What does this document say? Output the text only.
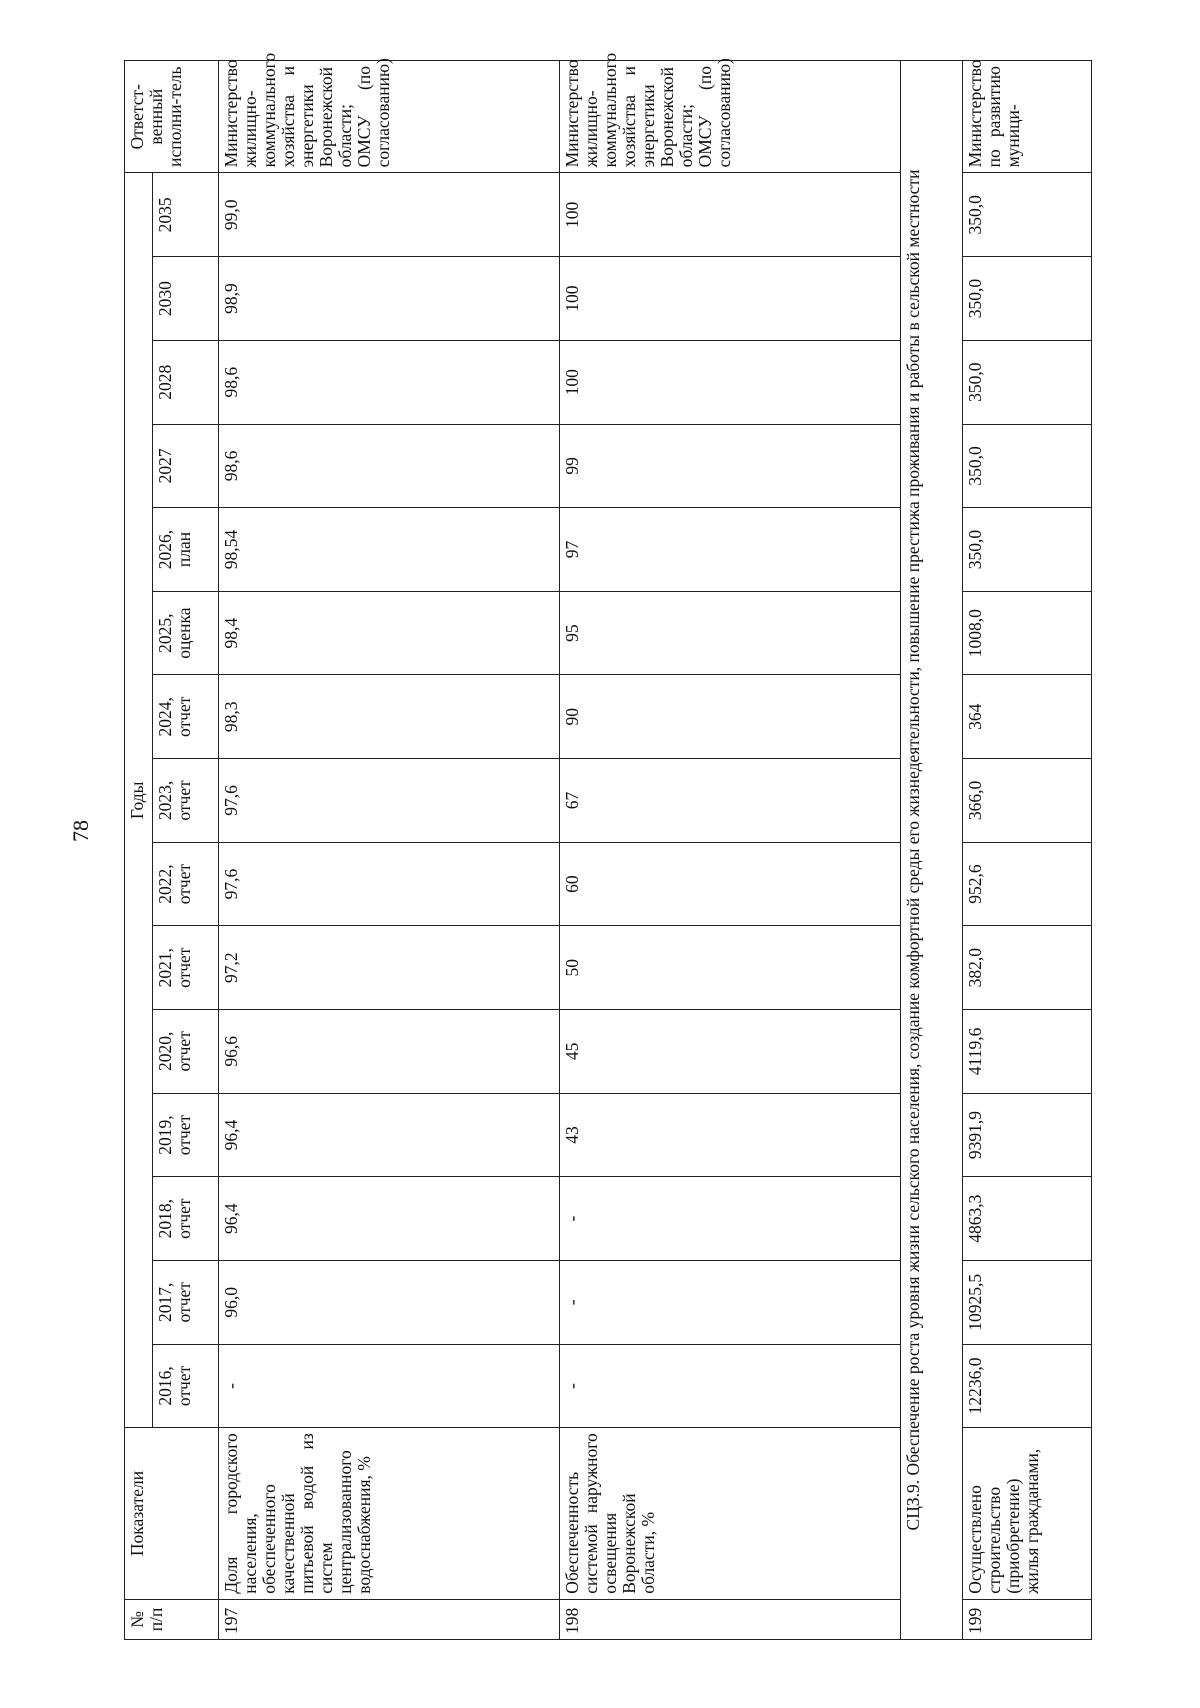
78
№ п/п	Показатели	Годы															Ответст-венный исполни-тель
		2016, отчет	2017, отчет	2018, отчет	2019, отчет	2020, отчет	2021, отчет	2022, отчет	2023, отчет	2024, отчет	2025, оценка	2026, план	2027	2028	2030	2035	
197	Доля городского населения, обеспеченного качественной питьевой водой из систем централизованного водоснабжения, %	-	96,0	96,4	96,4	96,6	97,2	97,6	97,6	98,3	98,4	98,54	98,6	98,6	98,9	99,0	Министерство жилищно-коммунального хозяйства и энергетики Воронежской области; ОМСУ (по согласованию)
198	Обеспеченность системой наружного освещения Воронежской области, %	-	-	-	43	45	50	60	67	90	95	97	99	100	100	100	Министерство жилищно-коммунального хозяйства и энергетики Воронежской области; ОМСУ (по согласованию)
СЦЗ.9. Обеспечение роста уровня жизни сельского населения, создание комфортной среды его жизнедеятельности, повышение престижа проживания и работы в сельской местности																	
199	Осуществлено строительство (приобретение) жилья гражданами,	12236,0	10925,5	4863,3	9391,9	4119,6	382,0	952,6	366,0	364	1008,0	350,0	350,0	350,0	350,0	350,0	Министерство по развитию муници-
